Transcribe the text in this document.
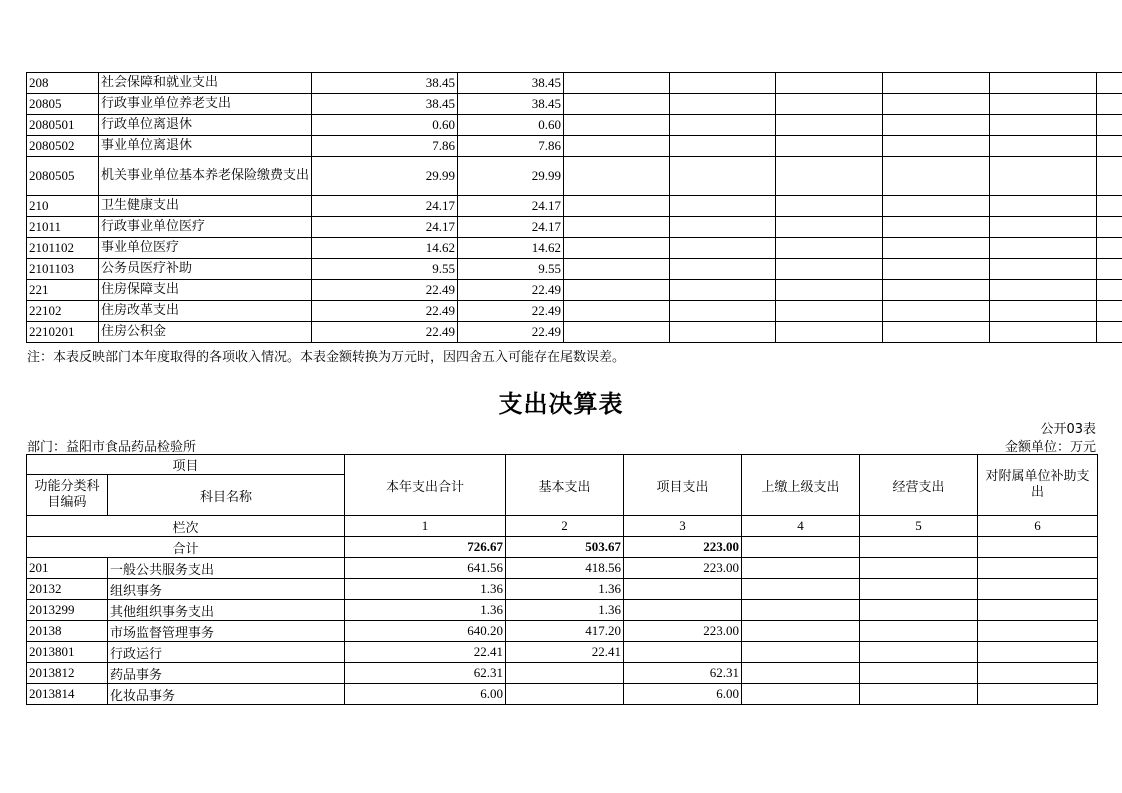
208	社会保障和就业支出	38.45	38.45						
20805	行政事业单位养老支出	38.45	38.45						
2080501	行政单位离退休	0.60	0.60						
2080502	事业单位离退休	7.86	7.86						
2080505	机关事业单位基本养老保险缴费支出	29.99	29.99						
210	卫生健康支出	24.17	24.17						
21011	行政事业单位医疗	24.17	24.17						
2101102	事业单位医疗	14.62	14.62						
2101103	公务员医疗补助	9.55	9.55						
221	住房保障支出	22.49	22.49						
22102	住房改革支出	22.49	22.49						
2210201	住房公积金	22.49	22.49						
注：本表反映部门本年度取得的各项收入情况。本表金额转换为万元时，因四舍五入可能存在尾数误差。
支出决算表
公开03表
部门：益阳市食品药品检验所	金额单位：万元
项目		本年支出合计	基本支出	项目支出	上缴上级支出	经营支出	对附属单位补助支出
功能分类科目编码	科目名称						
栏次		1	2	3	4	5	6
合计		726.67	503.67	223.00			
201	一般公共服务支出	641.56	418.56	223.00			
20132	组织事务	1.36	1.36				
2013299	其他组织事务支出	1.36	1.36				
20138	市场监督管理事务	640.20	417.20	223.00			
2013801	行政运行	22.41	22.41				
2013812	药品事务	62.31		62.31			
2013814	化妆品事务	6.00		6.00			
